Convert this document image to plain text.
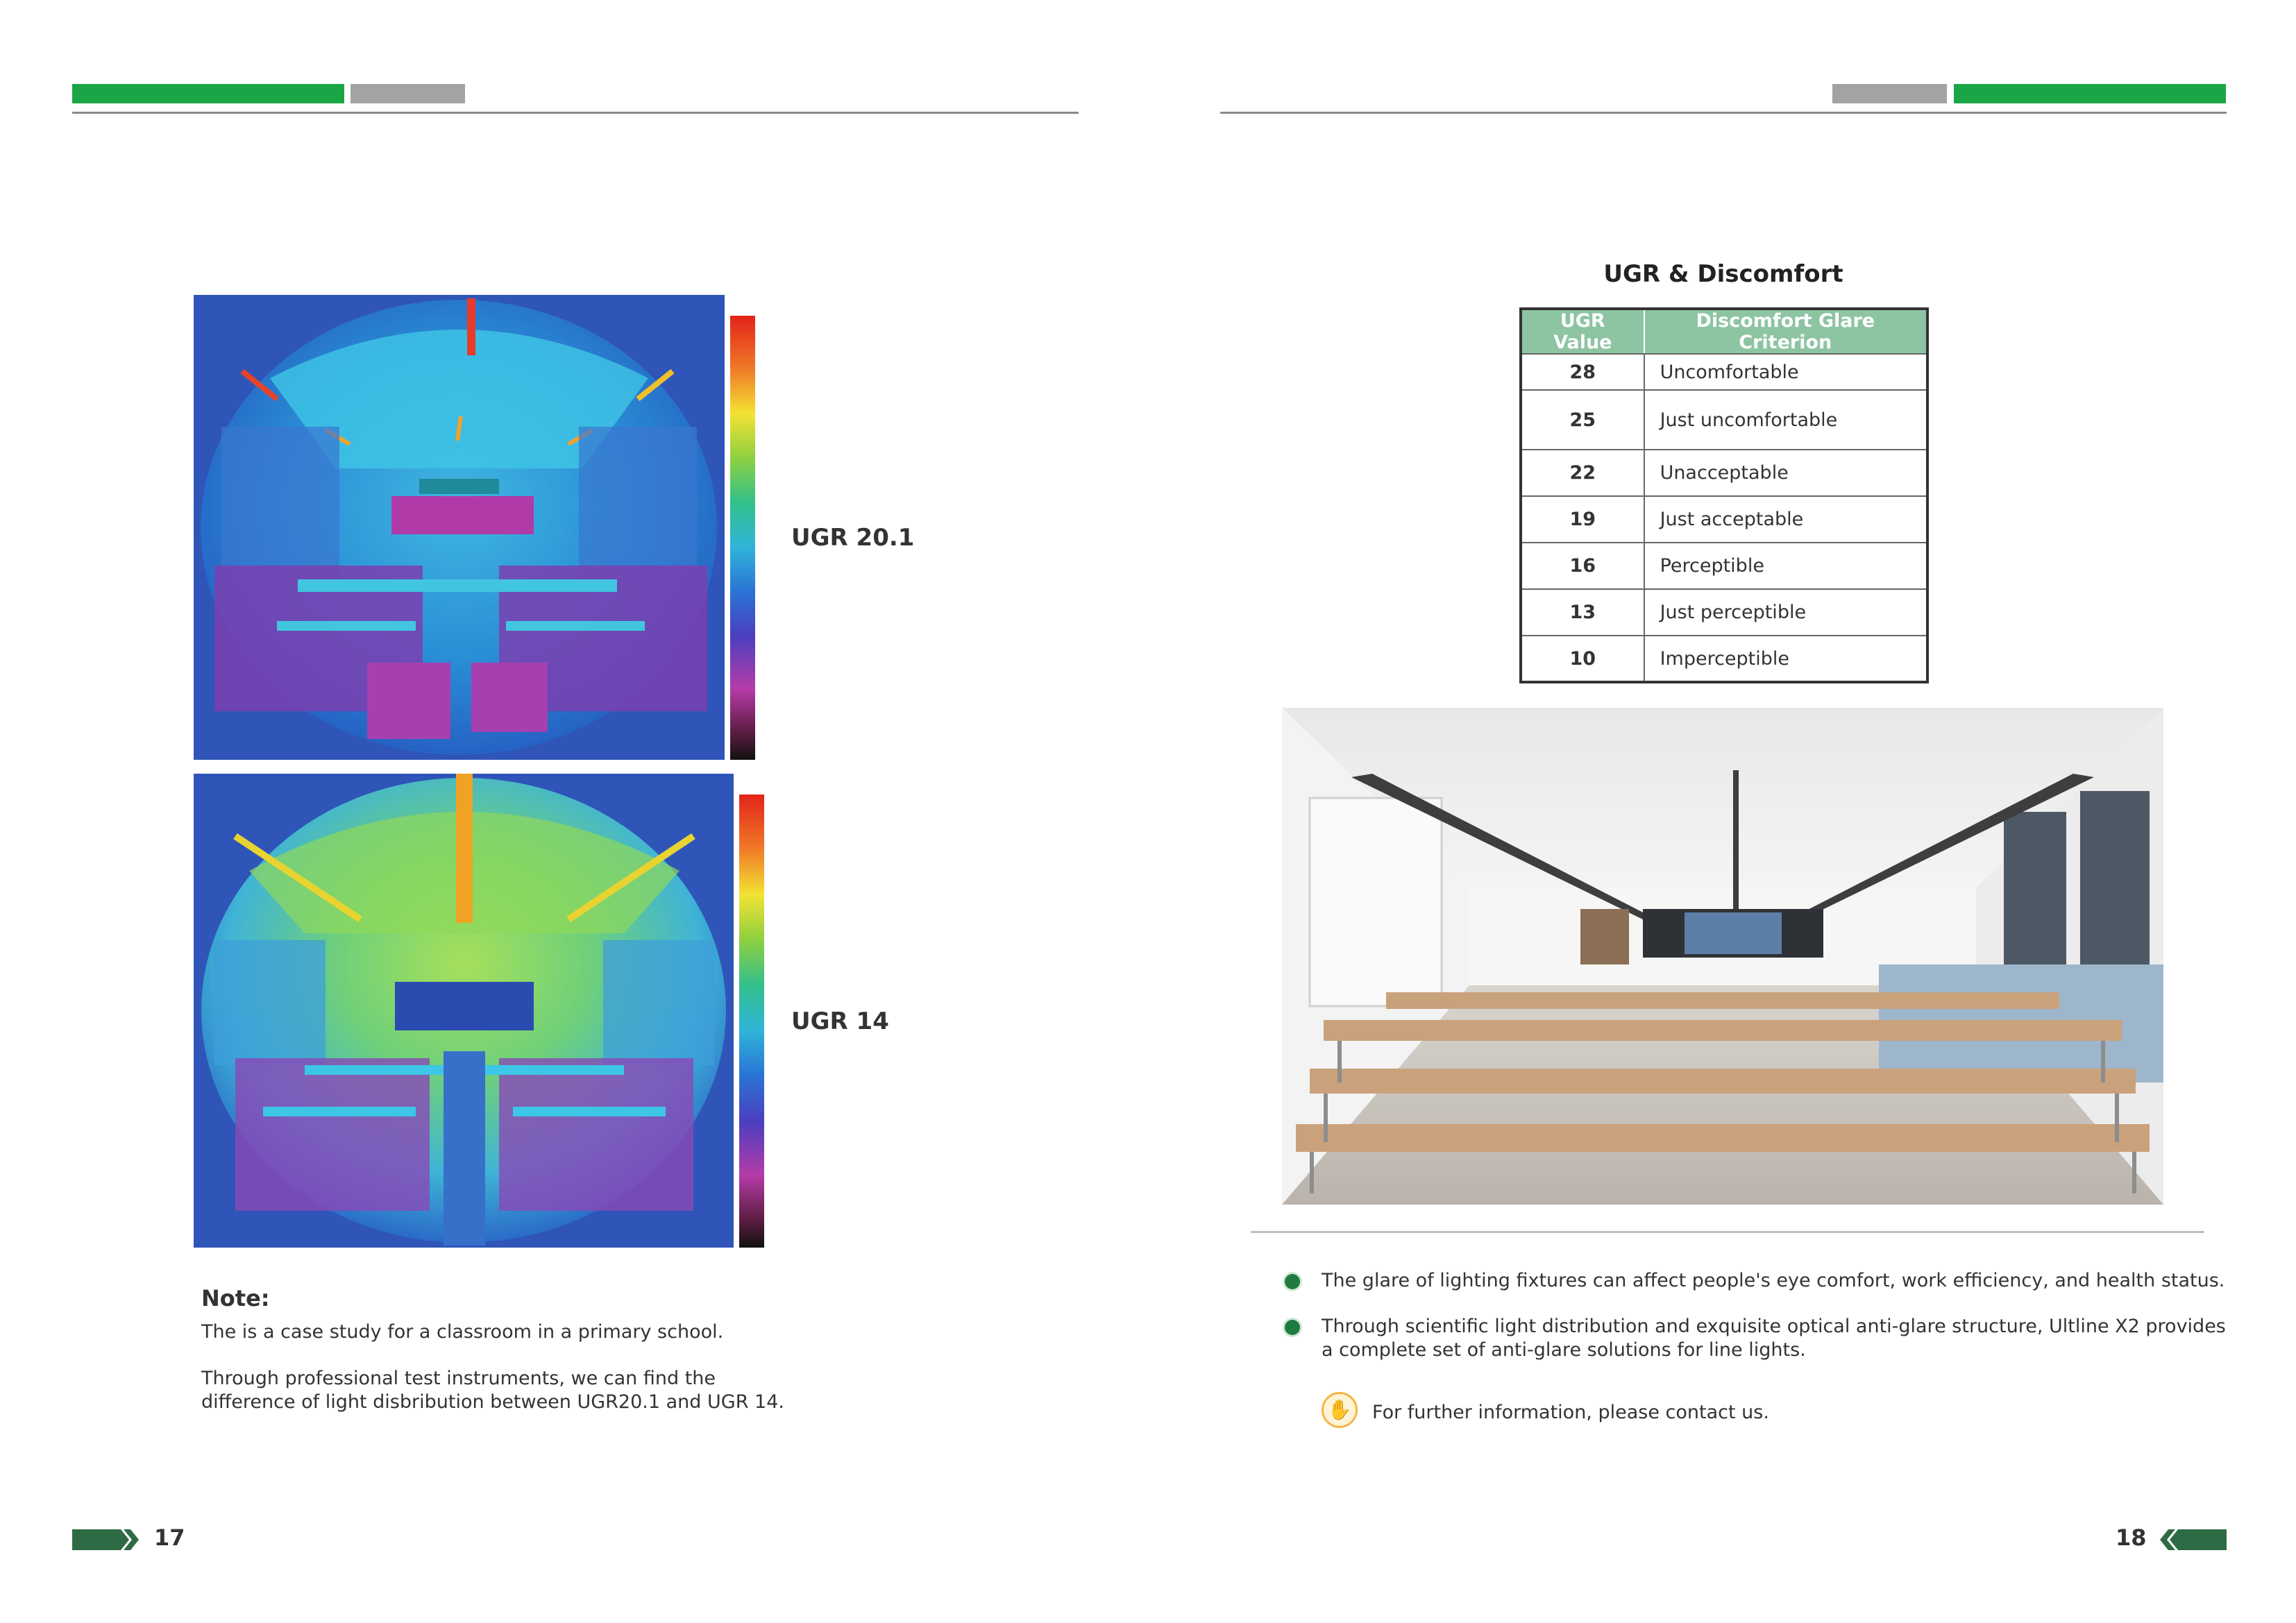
UGR 20.1
UGR 14
Note:
The is a case study for a classroom in a primary school.
Through professional test instruments, we can find the
difference of light disbribution between UGR20.1 and UGR 14.
17
UGR & Discomfort
UGR Value	Discomfort Glare Criterion
28	Uncomfortable
25	Just uncomfortable
22	Unacceptable
19	Just acceptable
16	Perceptible
13	Just perceptible
10	Imperceptible
The glare of lighting fixtures can affect people's eye comfort, work efficiency, and health status.
Through scientific light distribution and exquisite optical anti-glare structure, Ultline X2 provides
a complete set of anti-glare solutions for line lights.
✋ For further information, please contact us.
18
